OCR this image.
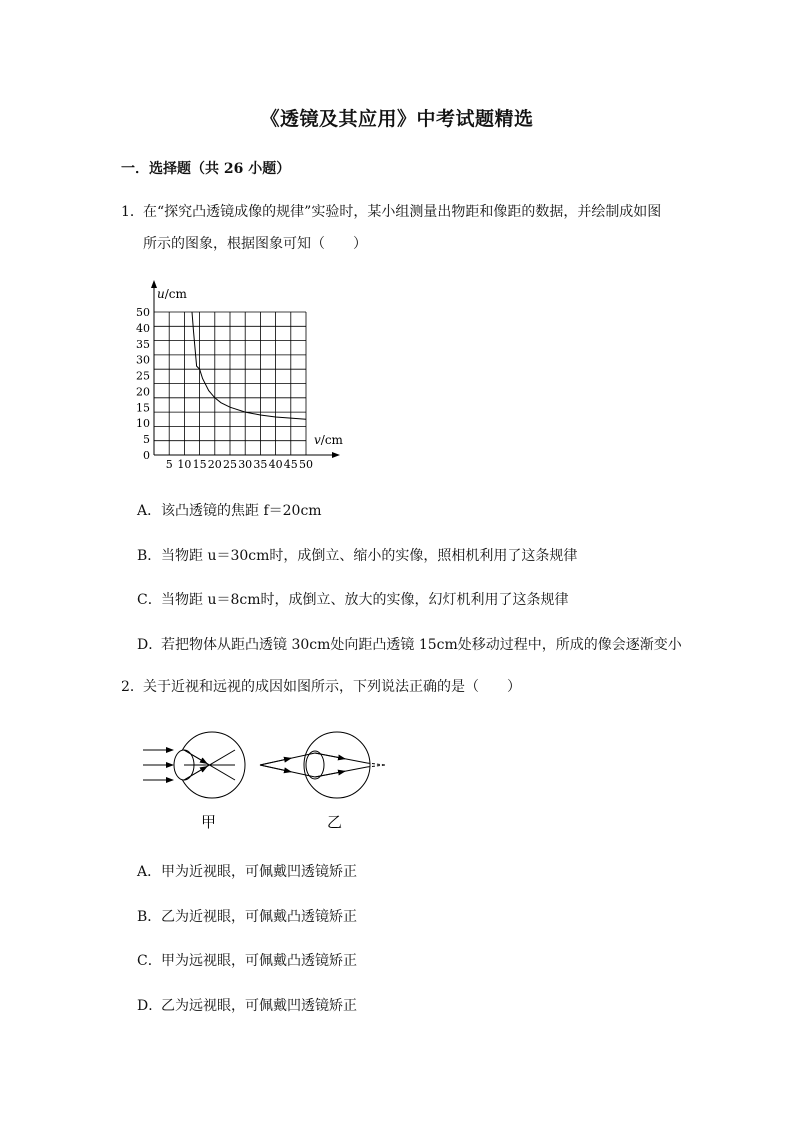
《透镜及其应用》中考试题精选
一．选择题（共 26 小题）
1．在“探究凸透镜成像的规律”实验时，某小组测量出物距和像距的数据，并绘制成如图
所示的图象，根据图象可知（　　）
u/cm
v/cm
0
5
10
15
20
25
30
35
40
50
5 10 15 20 25 30 35 40 45 50
A．该凸透镜的焦距 f＝20cm
B．当物距 u＝30cm时，成倒立、缩小的实像，照相机利用了这条规律
C．当物距 u＝8cm时，成倒立、放大的实像，幻灯机利用了这条规律
D．若把物体从距凸透镜 30cm处向距凸透镜 15cm处移动过程中，所成的像会逐渐变小
2．关于近视和远视的成因如图所示，下列说法正确的是（　　）
甲	乙
A．甲为近视眼，可佩戴凹透镜矫正
B．乙为近视眼，可佩戴凸透镜矫正
C．甲为远视眼，可佩戴凸透镜矫正
D．乙为远视眼，可佩戴凹透镜矫正
